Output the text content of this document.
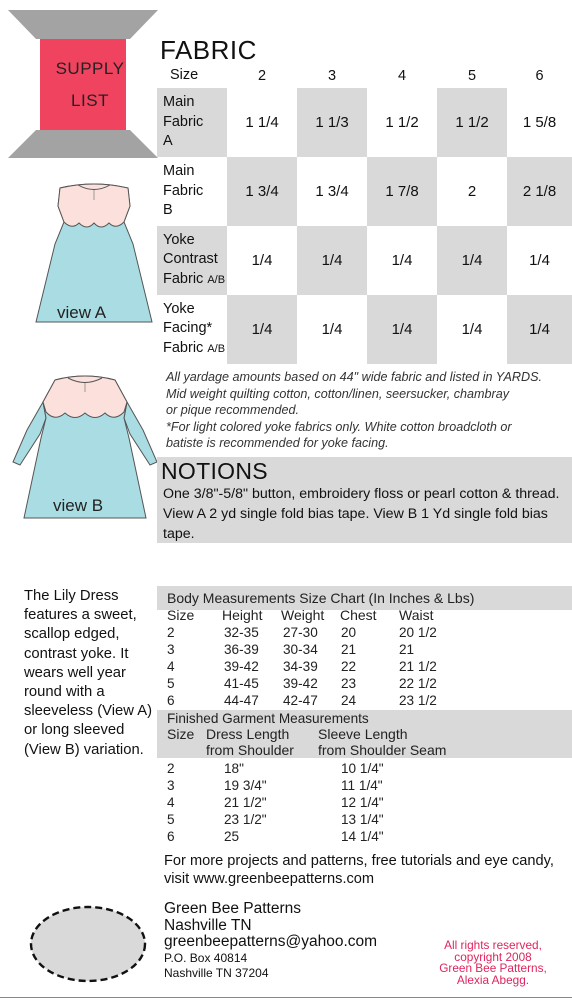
SUPPLY
LIST
FABRIC
Size	2	3	4	5	6
Main
Fabric
A	1 1/4	1 1/3	1 1/2	1 1/2	1 5/8
Main
Fabric
B	1 3/4	1 3/4	1 7/8	2	2 1/8
Yoke
Contrast
Fabric A/B	1/4	1/4	1/4	1/4	1/4
Yoke
Facing*
Fabric A/B	1/4	1/4	1/4	1/4	1/4
view A
view B
All yardage amounts based on 44" wide fabric and listed in YARDS.
Mid weight quilting cotton, cotton/linen, seersucker, chambray
or pique recommended.
*For light colored yoke fabrics only. White cotton broadcloth or
batiste is recommended for yoke facing.
NOTIONS
One 3/8"-5/8" button, embroidery floss or pearl cotton & thread. View A 2 yd single fold bias tape. View B 1 Yd single fold bias tape.
The Lily Dress features a sweet, scallop edged, contrast yoke. It wears well year round with a sleeveless (View A) or long sleeved (View B) variation.
Body Measurements Size Chart (In Inches & Lbs)
Size Height Weight Chest Waist
2	32-35 27-30 20	20 1/2
3	36-39 30-34 21	21
4	39-42 34-39 22	21 1/2
5	41-45 39-42 23	22 1/2
6	44-47 42-47 24	23 1/2
Finished Garment Measurements
Size Dress Length Sleeve Length
from Shoulder from Shoulder Seam
2	18"	10 1/4"
3	19 3/4"	11 1/4"
4	21 1/2"	12 1/4"
5	23 1/2"	13 1/4"
6	25	14 1/4"
For more projects and patterns, free tutorials and eye candy, visit www.greenbeepatterns.com
Green Bee Patterns
Nashville TN
greenbeepatterns@yahoo.com
P.O. Box 40814
Nashville TN 37204
All rights reserved,
copyright 2008
Green Bee Patterns,
Alexia Abegg.
